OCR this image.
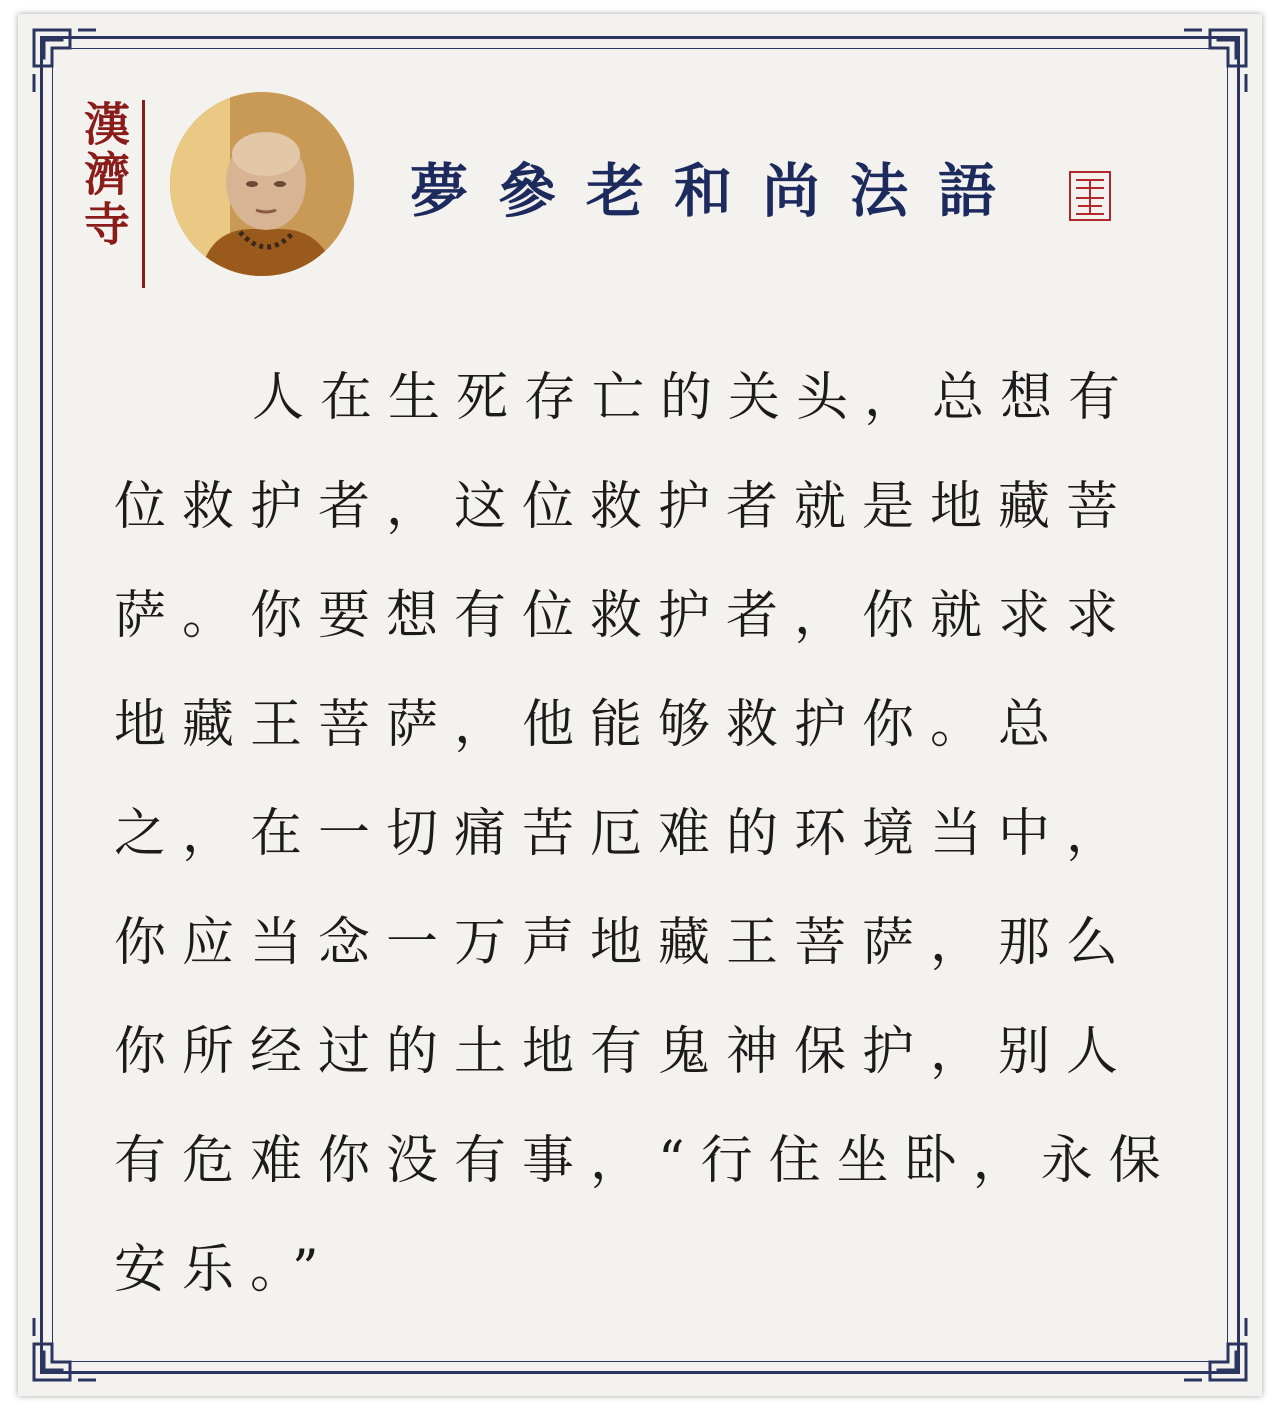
漢濟寺	夢參老和尚法語

人在生死存亡的关头，总想有位救护者，这位救护者就是地藏菩萨。你要想有位救护者，你就求求地藏王菩萨，他能够救护你。总之，在一切痛苦厄难的环境当中，你应当念一万声地藏王菩萨，那么你所经过的土地有鬼神保护，别人有危难你没有事，“行住坐卧，永保安乐。”
